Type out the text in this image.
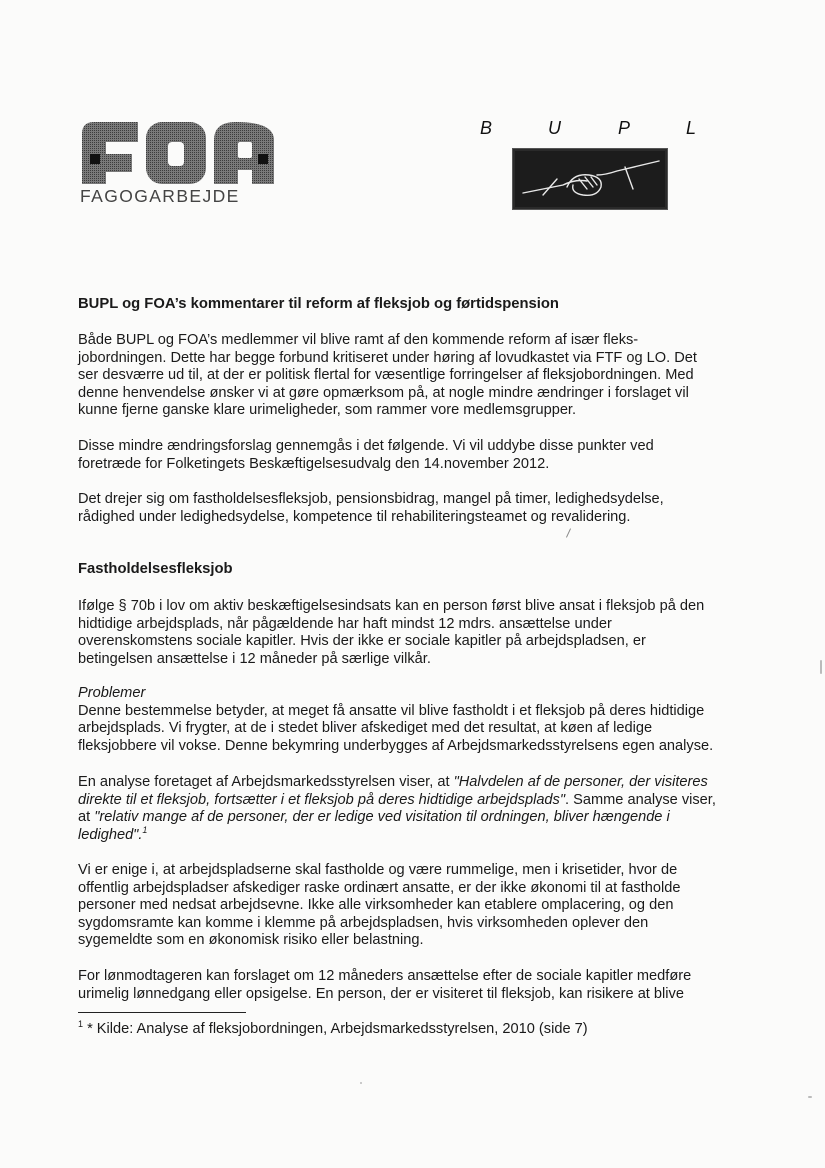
FAGOGARBEJDE
B	U	P	L
BUPL og FOA’s kommentarer til reform af fleksjob og førtidspension

Både BUPL og FOA’s medlemmer vil blive ramt af den kommende reform af især fleks-

jobordningen. Dette har begge forbund kritiseret under høring af lovudkastet via FTF og LO. Det

ser desværre ud til, at der er politisk flertal for væsentlige forringelser af fleksjobordningen. Med

denne henvendelse ønsker vi at gøre opmærksom på, at nogle mindre ændringer i forslaget vil

kunne fjerne ganske klare urimeligheder, som rammer vore medlemsgrupper.

Disse mindre ændringsforslag gennemgås i det følgende. Vi vil uddybe disse punkter ved

foretræde for Folketingets Beskæftigelsesudvalg den 14.november 2012.

Det drejer sig om fastholdelsesfleksjob, pensionsbidrag, mangel på timer, ledighedsydelse,

rådighed under ledighedsydelse, kompetence til rehabiliteringsteamet og revalidering.

Fastholdelsesfleksjob

Ifølge § 70b i lov om aktiv beskæftigelsesindsats kan en person først blive ansat i fleksjob på den

hidtidige arbejdsplads, når pågældende har haft mindst 12 mdrs. ansættelse under

overenskomstens sociale kapitler. Hvis der ikke er sociale kapitler på arbejdspladsen, er

betingelsen ansættelse i 12 måneder på særlige vilkår.

Problemer

Denne bestemmelse betyder, at meget få ansatte vil blive fastholdt i et fleksjob på deres hidtidige

arbejdsplads. Vi frygter, at de i stedet bliver afskediget med det resultat, at køen af ledige

fleksjobbere vil vokse. Denne bekymring underbygges af Arbejdsmarkedsstyrelsens egen analyse.

En analyse foretaget af Arbejdsmarkedsstyrelsen viser, at "Halvdelen af de personer, der visiteres

direkte til et fleksjob, fortsætter i et fleksjob på deres hidtidige arbejdsplads". Samme analyse viser,

at "relativ mange af de personer, der er ledige ved visitation til ordningen, bliver hængende i

ledighed".$^1$

Vi er enige i, at arbejdspladserne skal fastholde og være rummelige, men i krisetider, hvor de

offentlig arbejdspladser afskediger raske ordinært ansatte, er der ikke økonomi til at fastholde

personer med nedsat arbejdsevne. Ikke alle virksomheder kan etablere omplacering, og den

sygdomsramte kan komme i klemme på arbejdspladsen, hvis virksomheden oplever den

sygemeldte som en økonomisk risiko eller belastning.

For lønmodtageren kan forslaget om 12 måneders ansættelse efter de sociale kapitler medføre

urimelig lønnedgang eller opsigelse. En person, der er visiteret til fleksjob, kan risikere at blive

$^1$ * Kilde: Analyse af fleksjobordningen, Arbejdsmarkedsstyrelsen, 2010 (side 7)
